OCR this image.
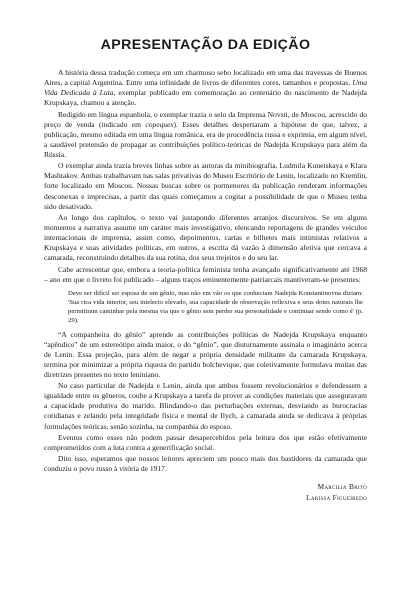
APRESENTAÇÃO DA EDIÇÃO

A história dessa tradução começa em um charmoso sebo localizado em uma das travessas de Buenos Aires, a capital Argentina. Entre uma infinidade de livros de diferentes cores, tamanhos e propostas, Uma Vida Dedicada à Luta, exemplar publicado em comemoração ao centenário do nascimento de Nadejda Krupskaya, chamou a atenção.

Redigido em língua espanhola, o exemplar trazia o selo da Imprensa Novsti, de Moscou, acrescido do preço de venda (indicado em copeques). Esses detalhes despertaram a hipótese de que, talvez, a publicação, mesmo editada em uma língua românica, era de procedência russa e exprimia, em algum nível, a saudável pretensão de propagar as contribuições político-teóricas de Nadejda Krupskaya para além da Rússia.

O exemplar ainda trazia breves linhas sobre as autoras da minibiografia, Ludmila Kunetskaya e Klara Mashtakov. Ambas trabalhavam nas salas privativas do Museu Escritório de Lenin, localizado no Kremlin, forte localizado em Moscou. Nossas buscas sobre os pormenores da publicação renderam informações desconexas e imprecisas, a partir das quais começamos a cogitar a possibilidade de que o Museu tenha sido desativado.

Ao longo dos capítulos, o texto vai justapondo diferentes arranjos discursivos. Se em alguns momentos a narrativa assume um caráter mais investigativo, elencando reportagens de grandes veículos internacionais de imprensa, assim como, depoimentos, cartas e bilhetes mais intimistas relativos a Krupskaya e suas atividades políticas, em outros, a escrita dá vazão à dimensão afetiva que cercava a camarada, reconstruindo detalhes da sua rotina, dos seus trejeitos e do seu lar.

Cabe acrescentar que, embora a teoria-política feminista tenha avançado significativamente até 1968 – ano em que o livreto foi publicado – alguns traços eminentemente patriarcais mantiveram-se presentes:

Deve ser difícil ser esposa de um gênio, mas não em vão os que conheciam Nadejda Konstantinovna diziam: 'Sua rica vida interior, seu intelecto elevado, sua capacidade de observação reflexiva e seus dotes naturais lhe permitiram caminhar pela mesma via que o gênio sem perder sua personalidade e continuar sendo como é' (p. 29).

“A companheira do gênio” aprende as contribuições políticas de Nadejda Krupskaya enquanto “apêndice” de um estereótipo ainda maior, o do “gênio”, que diuturnamente assinala o imaginário acerca de Lenin. Essa projeção, para além de negar a própria densidade militante da camarada Krupskaya, termina por minimizar a própria riqueza do partido bolchevique, que coletivamente formulava muitas das diretrizes presentes no texto leniniano.

No caso particular de Nadejda e Lenin, ainda que ambos fossem revolucionários e defendessem a igualdade entre os gêneros, coube a Krupskaya a tarefa de prover as condições materiais que asseguravam a capacidade produtiva do marido. Blindando-o das perturbações externas, desviando as burocracias cotidianas e zelando pela integridade física e mental de Ilych, a camarada ainda se dedicava à próprias formulações teóricas, senão sozinha, na companhia do esposo.

Eventos como esses não podem passar desapercebidos pela leitura dos que estão efetivamente comprometidos com a luta contra a generificação social.

Dito isso, esperamos que nossos leitores apreciem um pouco mais dos bastidores da camarada que conduziu o povo russo à vitória de 1917.

Marcilia Brito
Larissa Figueiredo
